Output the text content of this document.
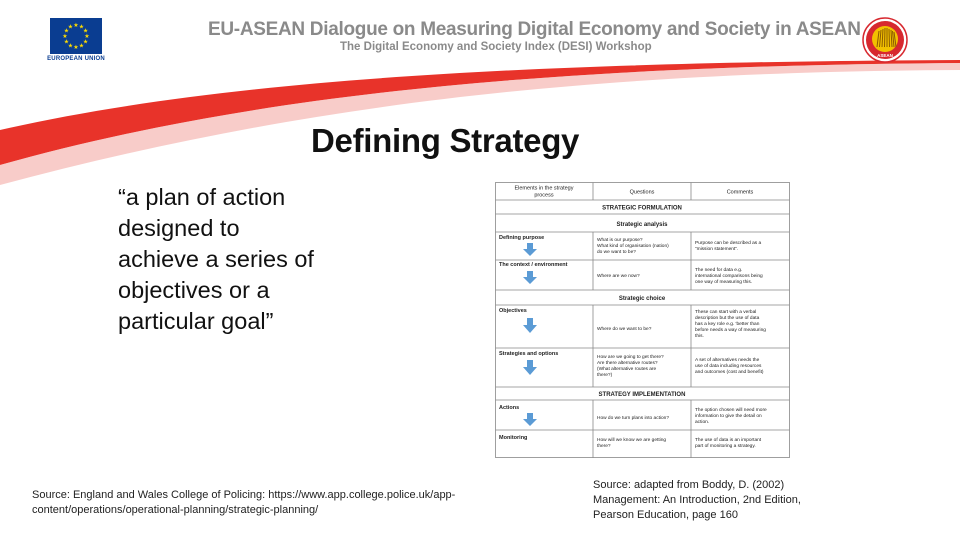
★
★
★
★
★
★
★
★
★ ★ ★
★
EUROPEAN UNION
EU-ASEAN Dialogue on Measuring Digital Economy and Society in ASEAN
The Digital Economy and Society Index (DESI) Workshop
ASEAN
Defining Strategy
“a plan of action
designed to
achieve a series of
objectives or a
particular goal”
Elements in the strategy
process	Questions	Comments
STRATEGIC FORMULATION
Strategic analysis
Strategic choice
STRATEGY IMPLEMENTATION
Defining purpose
The context / environment
Objectives
Strategies and options
Actions
Monitoring
What is our purpose?
What kind of organisation (nation)
do we want to be?
Where are we now?
Where do we want to be?
How are we going to get there?
Are there alternative routes?
(What alternative routes are
there?)
How do we turn plans into action?
How will we know we are getting
there?
Purpose can be described as a
“mission statement”.
The need for data e.g.
international comparisons being
one way of measuring this.
These can start with a verbal
description but the use of data
has a key role e.g. 'better than
before needs a way of measuring
this.
A set of alternatives needs the
use of data including resources
and outcomes (cost and benefit)
The option chosen will need more
information to give the detail on
action.
The use of data is an important
part of monitoring a strategy.
Source: England and Wales College of Policing: https://www.app.college.police.uk/app-content/operations/operational-planning/strategic-planning/
Source: adapted from Boddy, D. (2002)
Management: An Introduction, 2nd Edition,
Pearson Education, page 160
